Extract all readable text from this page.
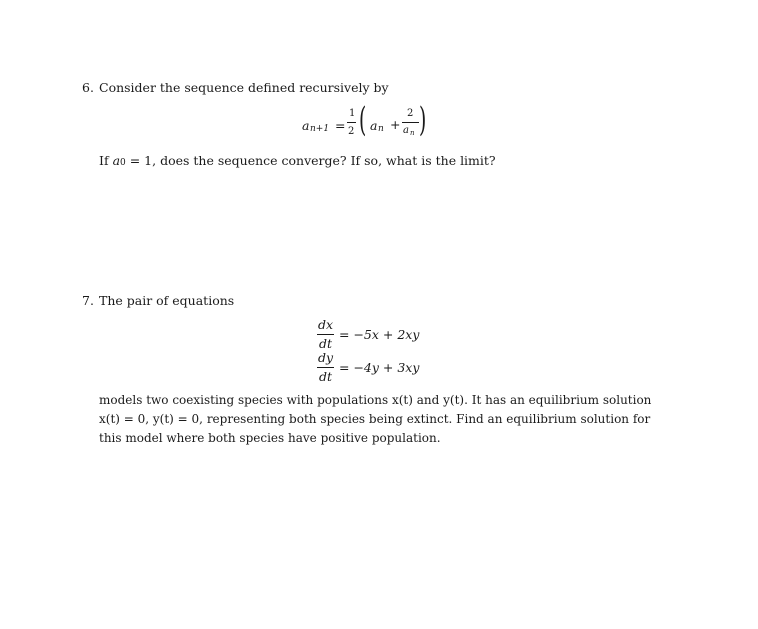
6. Consider the sequence defined recursively by
a n+1 =
1
2 ( a n +
2
a n )
If a0 = 1, does the sequence converge? If so, what is the limit?
7. The pair of equations
dx
dt
= −5x + 2xy
dy
dt
= −4y + 3xy
models two coexisting species with populations x(t) and y(t). It has an equilibrium solution
x(t) = 0, y(t) = 0, representing both species being extinct. Find an equilibrium solution for
this model where both species have positive population.
